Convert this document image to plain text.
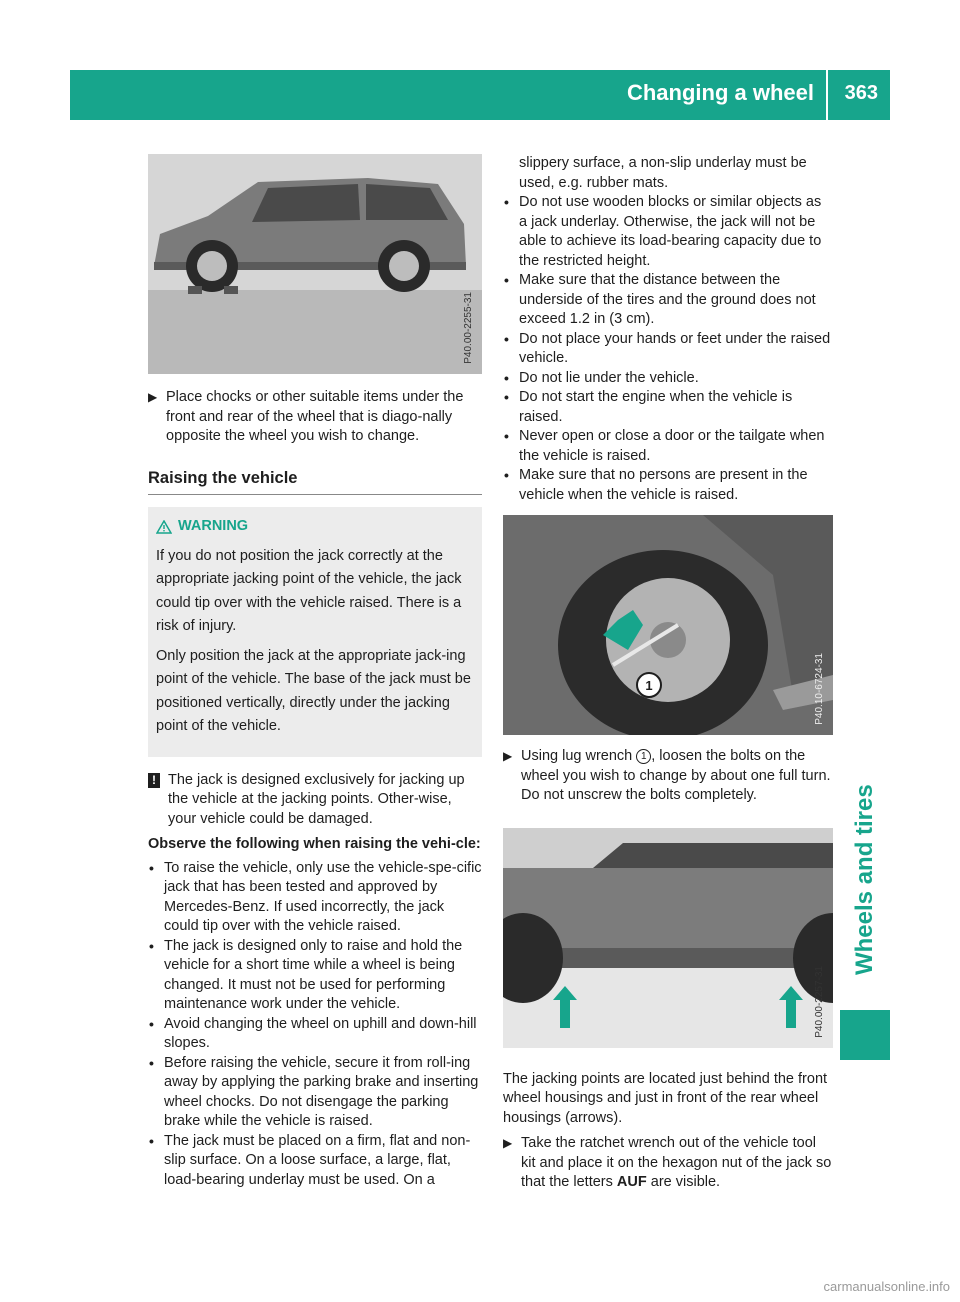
Changing a wheel 363
Wheels and tires
P40.00-2255-31

▶ Place chocks or other suitable items under the front and rear of the wheel that is diago-nally opposite the wheel you wish to change.

Raising the vehicle
WARNING

If you do not position the jack correctly at the appropriate jacking point of the vehicle, the jack could tip over with the vehicle raised. There is a risk of injury.

Only position the jack at the appropriate jack-ing point of the vehicle. The base of the jack must be positioned vertically, directly under the jacking point of the vehicle.

! The jack is designed exclusively for jacking up the vehicle at the jacking points. Other-wise, your vehicle could be damaged.
Observe the following when raising the vehi-cle:

• To raise the vehicle, only use the vehicle-spe-cific jack that has been tested and approved by Mercedes-Benz. If used incorrectly, the jack could tip over with the vehicle raised.

• The jack is designed only to raise and hold the vehicle for a short time while a wheel is being changed. It must not be used for performing maintenance work under the vehicle.

• Avoid changing the wheel on uphill and down-hill slopes.

• Before raising the vehicle, secure it from roll-ing away by applying the parking brake and inserting wheel chocks. Do not disengage the parking brake while the vehicle is raised.

• The jack must be placed on a firm, flat and non-slip surface. On a loose surface, a large, flat, load-bearing underlay must be used. On a

slippery surface, a non-slip underlay must be used, e.g. rubber mats.

• Do not use wooden blocks or similar objects as a jack underlay. Otherwise, the jack will not be able to achieve its load-bearing capacity due to the restricted height.

• Make sure that the distance between the underside of the tires and the ground does not exceed 1.2 in (3 cm).

• Do not place your hands or feet under the raised vehicle.

• Do not lie under the vehicle.

• Do not start the engine when the vehicle is raised.

• Never open or close a door or the tailgate when the vehicle is raised.

• Make sure that no persons are present in the vehicle when the vehicle is raised.

1	P40.10-6724-31

▶ Using lug wrench 1 , loosen the bolts on the wheel you wish to change by about one full turn. Do not unscrew the bolts completely.

P40.00-2257-31

The jacking points are located just behind the front wheel housings and just in front of the rear wheel housings (arrows).

▶ Take the ratchet wrench out of the vehicle tool kit and place it on the hexagon nut of the jack so that the letters AUF are visible.

carmanualsonline.info
